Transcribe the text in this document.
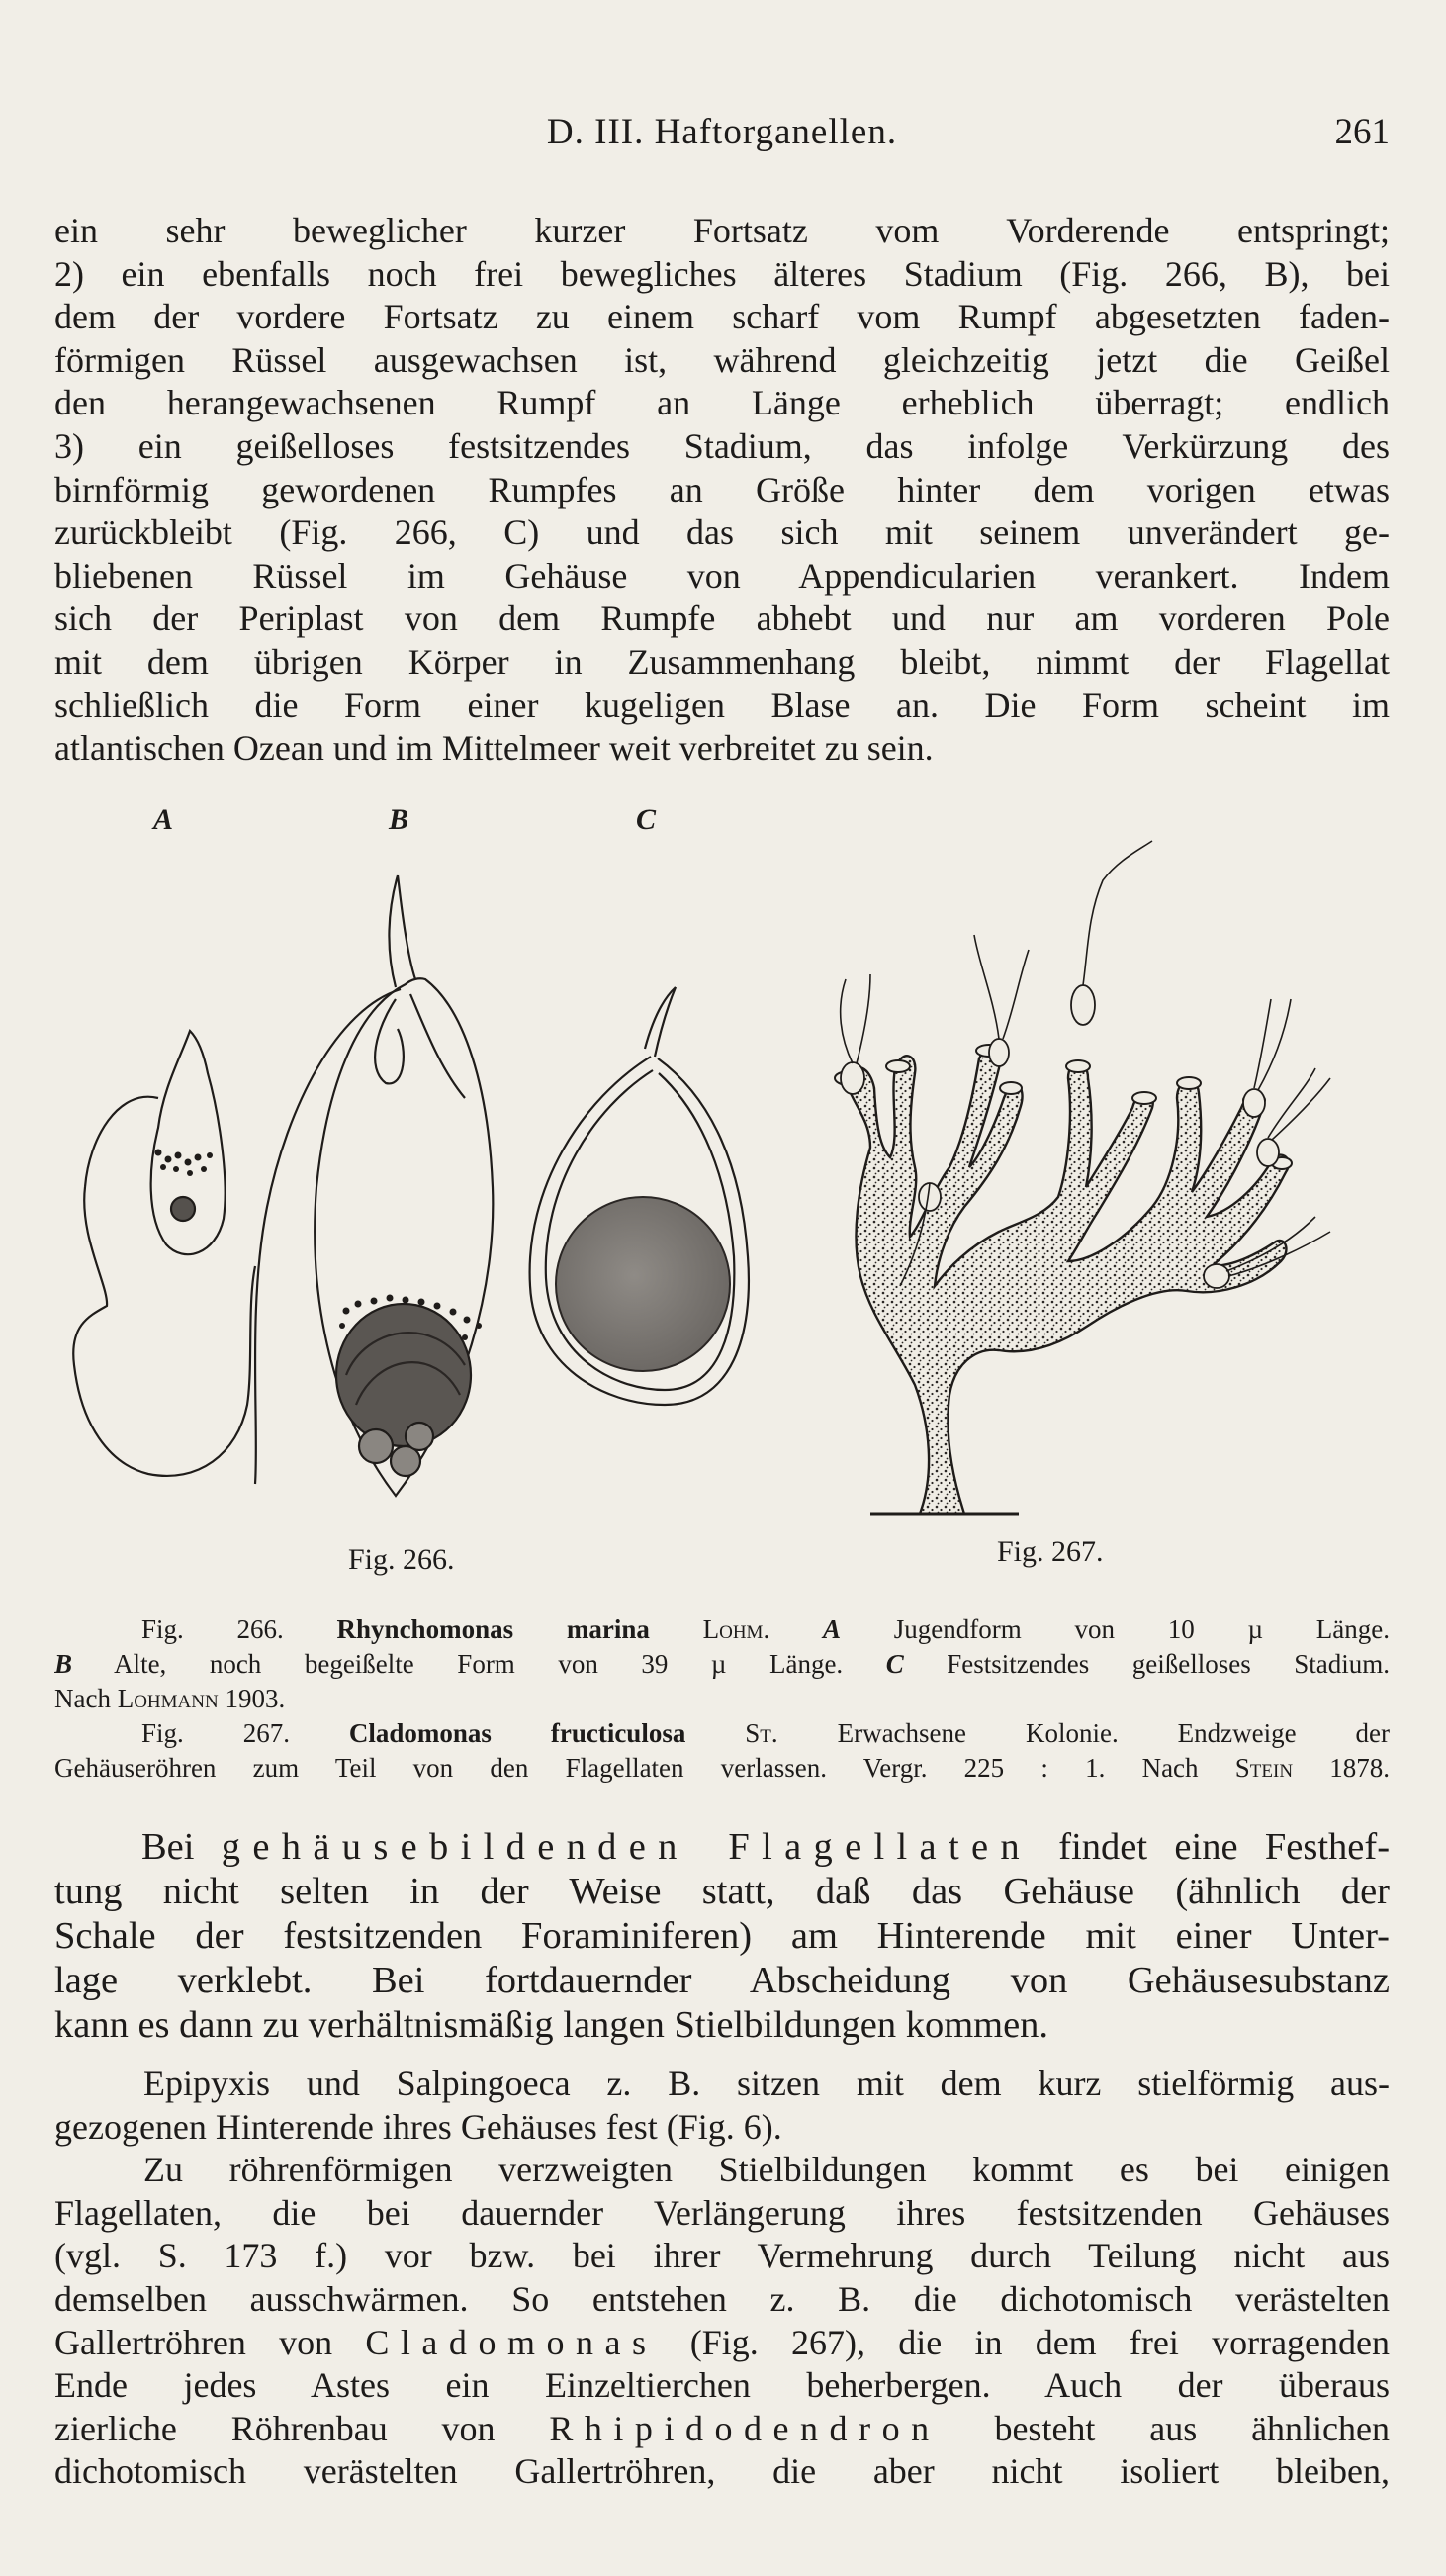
D. III. Haftorganellen.	261
ein sehr beweglicher kurzer Fortsatz vom Vorderende entspringt;
2) ein ebenfalls noch frei bewegliches älteres Stadium (Fig. 266, B), bei
dem der vordere Fortsatz zu einem scharf vom Rumpf abgesetzten faden-
förmigen Rüssel ausgewachsen ist, während gleichzeitig jetzt die Geißel
den herangewachsenen Rumpf an Länge erheblich überragt; endlich
3) ein geißelloses festsitzendes Stadium, das infolge Verkürzung des
birnförmig gewordenen Rumpfes an Größe hinter dem vorigen etwas
zurückbleibt (Fig. 266, C) und das sich mit seinem unverändert ge-
bliebenen Rüssel im Gehäuse von Appendicularien verankert. Indem
sich der Periplast von dem Rumpfe abhebt und nur am vorderen Pole
mit dem übrigen Körper in Zusammenhang bleibt, nimmt der Flagellat
schließlich die Form einer kugeligen Blase an. Die Form scheint im
atlantischen Ozean und im Mittelmeer weit verbreitet zu sein.
A	B	C
Fig. 266.	Fig. 267.
Fig. 266. Rhynchomonas marina Lohm. A Jugendform von 10 µ Länge.
B Alte, noch begeißelte Form von 39 µ Länge. C Festsitzendes geißelloses Stadium.
Nach Lohmann 1903.
Fig. 267. Cladomonas fructiculosa St. Erwachsene Kolonie. Endzweige der
Gehäuseröhren zum Teil von den Flagellaten verlassen. Vergr. 225 : 1. Nach Stein 1878.
Bei gehäusebildenden Flagellaten findet eine Festhef-
tung nicht selten in der Weise statt, daß das Gehäuse (ähnlich der
Schale der festsitzenden Foraminiferen) am Hinterende mit einer Unter-
lage verklebt. Bei fortdauernder Abscheidung von Gehäusesubstanz
kann es dann zu verhältnismäßig langen Stielbildungen kommen.
Epipyxis und Salpingoeca z. B. sitzen mit dem kurz stielförmig aus-
gezogenen Hinterende ihres Gehäuses fest (Fig. 6).
Zu röhrenförmigen verzweigten Stielbildungen kommt es bei einigen
Flagellaten, die bei dauernder Verlängerung ihres festsitzenden Gehäuses
(vgl. S. 173 f.) vor bzw. bei ihrer Vermehrung durch Teilung nicht aus
demselben ausschwärmen. So entstehen z. B. die dichotomisch verästelten
Gallertröhren von Cladomonas (Fig. 267), die in dem frei vorragenden
Ende jedes Astes ein Einzeltierchen beherbergen. Auch der überaus
zierliche Röhrenbau von Rhipidodendron besteht aus ähnlichen
dichotomisch verästelten Gallertröhren, die aber nicht isoliert bleiben,
